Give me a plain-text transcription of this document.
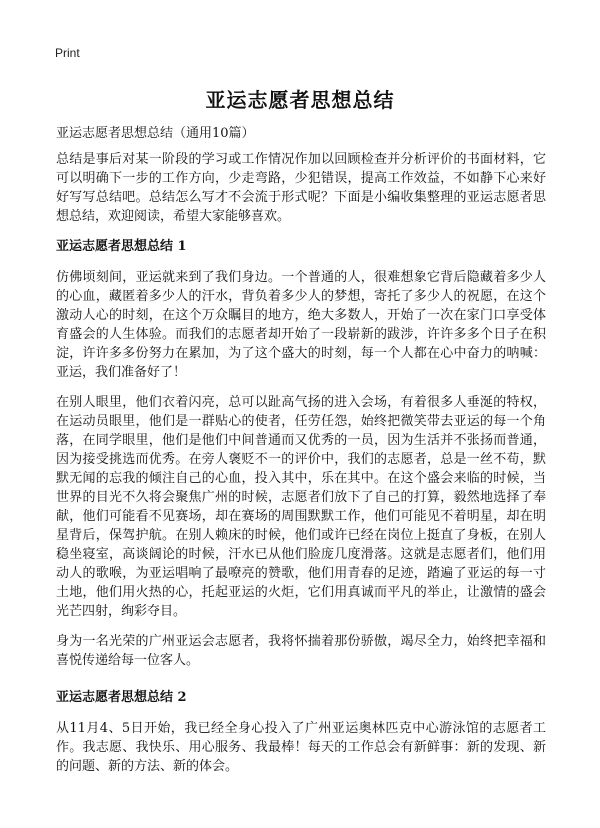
Print
亚运志愿者思想总结
亚运志愿者思想总结（通用10篇）

总结是事后对某一阶段的学习或工作情况作加以回顾检查并分析评价的书面材料，它可以明确下一步的工作方向，少走弯路，少犯错误，提高工作效益，不如静下心来好好写写总结吧。总结怎么写才不会流于形式呢？下面是小编收集整理的亚运志愿者思想总结，欢迎阅读，希望大家能够喜欢。

亚运志愿者思想总结 1

仿佛顷刻间，亚运就来到了我们身边。一个普通的人，很难想象它背后隐藏着多少人的心血，藏匿着多少人的汗水，背负着多少人的梦想，寄托了多少人的祝愿，在这个激动人心的时刻，在这个万众瞩目的地方，绝大多数人，开始了一次在家门口享受体育盛会的人生体验。而我们的志愿者却开始了一段崭新的跋涉，许许多多个日子在积淀，许许多多份努力在累加，为了这个盛大的时刻，每一个人都在心中奋力的呐喊：亚运，我们准备好了！

在别人眼里，他们衣着闪亮，总可以趾高气扬的进入会场，有着很多人垂涎的特权，在运动员眼里，他们是一群贴心的使者，任劳任怨，始终把微笑带去亚运的每一个角落，在同学眼里，他们是他们中间普通而又优秀的一员，因为生活并不张扬而普通，因为接受挑选而优秀。在旁人褒贬不一的评价中，我们的志愿者，总是一丝不苟，默默无闻的忘我的倾注自己的心血，投入其中，乐在其中。在这个盛会来临的时候，当世界的目光不久将会聚焦广州的时候，志愿者们放下了自己的打算，毅然地选择了奉献，他们可能看不见赛场，却在赛场的周围默默工作，他们可能见不着明星，却在明星背后，保驾护航。在别人赖床的时候，他们或许已经在岗位上挺直了身板，在别人稳坐寝室，高谈阔论的时候，汗水已从他们脸庞几度滑落。这就是志愿者们，他们用动人的歌喉，为亚运唱响了最嘹亮的赞歌，他们用青春的足迹，踏遍了亚运的每一寸土地，他们用火热的心，托起亚运的火炬，它们用真诚而平凡的举止，让激情的盛会光芒四射，绚彩夺目。

身为一名光荣的广州亚运会志愿者，我将怀揣着那份骄傲，竭尽全力，始终把幸福和喜悦传递给每一位客人。

亚运志愿者思想总结 2

从11月4、5日开始，我已经全身心投入了广州亚运奥林匹克中心游泳馆的志愿者工作。我志愿、我快乐、用心服务、我最棒！每天的工作总会有新鲜事：新的发现、新的问题、新的方法、新的体会。
